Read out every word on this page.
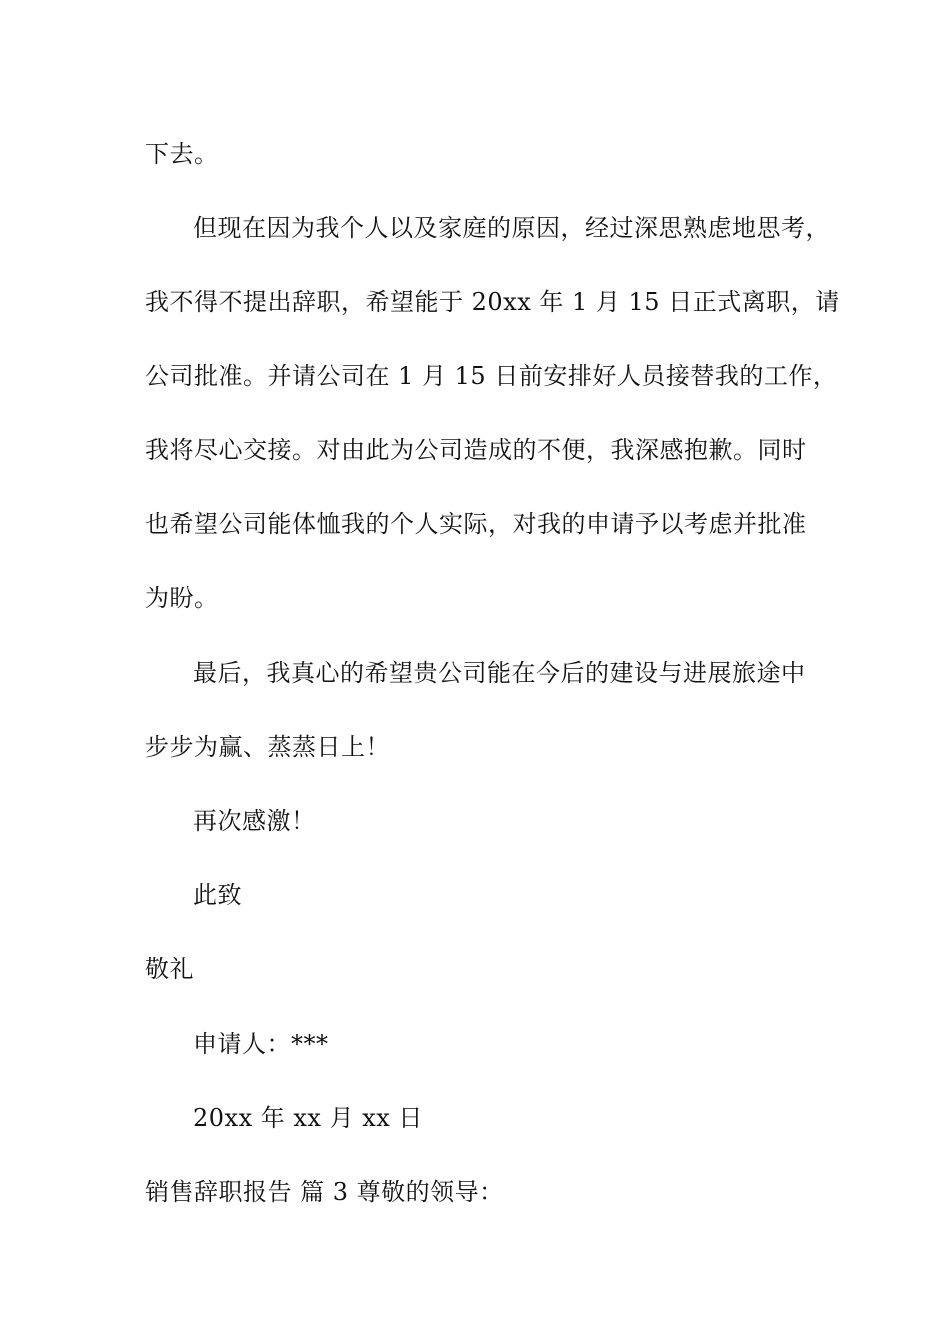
下去。
但现在因为我个人以及家庭的原因，经过深思熟虑地思考，
我不得不提出辞职，希望能于 20xx 年 1 月 15 日正式离职，请
公司批准。并请公司在 1 月 15 日前安排好人员接替我的工作，
我将尽心交接。对由此为公司造成的不便，我深感抱歉。同时
也希望公司能体恤我的个人实际，对我的申请予以考虑并批准
为盼。
最后，我真心的希望贵公司能在今后的建设与进展旅途中
步步为赢、蒸蒸日上！
再次感激！
此致
敬礼
申请人：***
20xx 年 xx 月 xx 日
销售辞职报告 篇 3 尊敬的领导：
